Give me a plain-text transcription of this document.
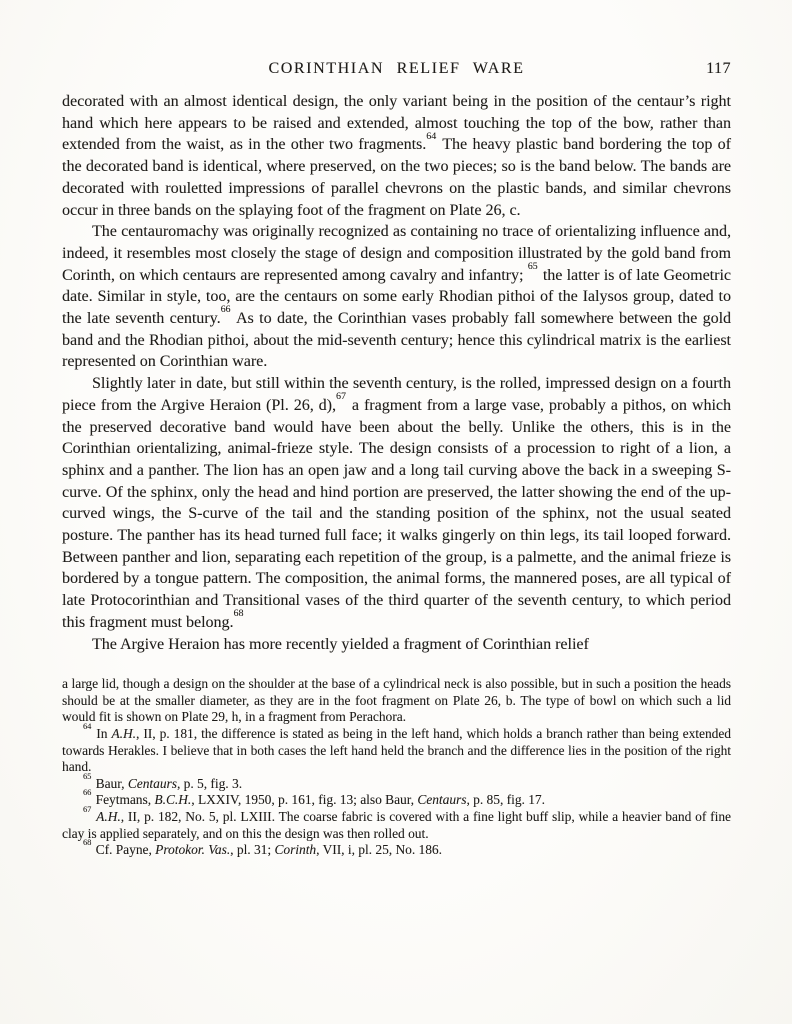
CORINTHIAN RELIEF WARE	117

decorated with an almost identical design, the only variant being in the position of the centaur’s right hand which here appears to be raised and extended, almost touching the top of the bow, rather than extended from the waist, as in the other two fragments.$^{64}$ The heavy plastic band bordering the top of the decorated band is identical, where preserved, on the two pieces; so is the band below. The bands are decorated with rouletted impressions of parallel chevrons on the plastic bands, and similar chevrons occur in three bands on the splaying foot of the fragment on Plate 26, c.

The centauromachy was originally recognized as containing no trace of orientalizing influence and, indeed, it resembles most closely the stage of design and composition illustrated by the gold band from Corinth, on which centaurs are represented among cavalry and infantry; $^{65}$ the latter is of late Geometric date. Similar in style, too, are the centaurs on some early Rhodian pithoi of the Ialysos group, dated to the late seventh century.$^{66}$ As to date, the Corinthian vases probably fall somewhere between the gold band and the Rhodian pithoi, about the mid-seventh century; hence this cylindrical matrix is the earliest represented on Corinthian ware.

Slightly later in date, but still within the seventh century, is the rolled, impressed design on a fourth piece from the Argive Heraion (Pl. 26, d),$^{67}$ a fragment from a large vase, probably a pithos, on which the preserved decorative band would have been about the belly. Unlike the others, this is in the Corinthian orientalizing, animal-frieze style. The design consists of a procession to right of a lion, a sphinx and a panther. The lion has an open jaw and a long tail curving above the back in a sweeping S-curve. Of the sphinx, only the head and hind portion are preserved, the latter showing the end of the up-curved wings, the S-curve of the tail and the standing position of the sphinx, not the usual seated posture. The panther has its head turned full face; it walks gingerly on thin legs, its tail looped forward. Between panther and lion, separating each repetition of the group, is a palmette, and the animal frieze is bordered by a tongue pattern. The composition, the animal forms, the mannered poses, are all typical of late Protocorinthian and Transitional vases of the third quarter of the seventh century, to which period this fragment must belong.$^{68}$

The Argive Heraion has more recently yielded a fragment of Corinthian relief

a large lid, though a design on the shoulder at the base of a cylindrical neck is also possible, but in such a position the heads should be at the smaller diameter, as they are in the foot fragment on Plate 26, b. The type of bowl on which such a lid would fit is shown on Plate 29, h, in a fragment from Perachora.

$^{64}$ In A.H., II, p. 181, the difference is stated as being in the left hand, which holds a branch rather than being extended towards Herakles. I believe that in both cases the left hand held the branch and the difference lies in the position of the right hand.

$^{65}$ Baur, Centaurs, p. 5, fig. 3.

$^{66}$ Feytmans, B.C.H., LXXIV, 1950, p. 161, fig. 13; also Baur, Centaurs, p. 85, fig. 17.

$^{67}$ A.H., II, p. 182, No. 5, pl. LXIII. The coarse fabric is covered with a fine light buff slip, while a heavier band of fine clay is applied separately, and on this the design was then rolled out.

$^{68}$ Cf. Payne, Protokor. Vas., pl. 31; Corinth, VII, i, pl. 25, No. 186.
